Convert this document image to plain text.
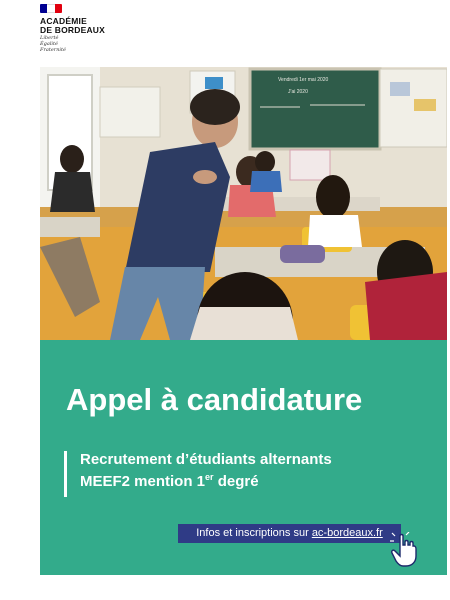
ACADÉMIE
DE BORDEAUX
Liberté
Égalité
Fraternité
Vendredi 1er mai 2020
J'ai 2020
Appel à candidature
Recrutement d’étudiants alternants
MEEF2 mention 1er degré
Infos et inscriptions sur ac-bordeaux.fr
